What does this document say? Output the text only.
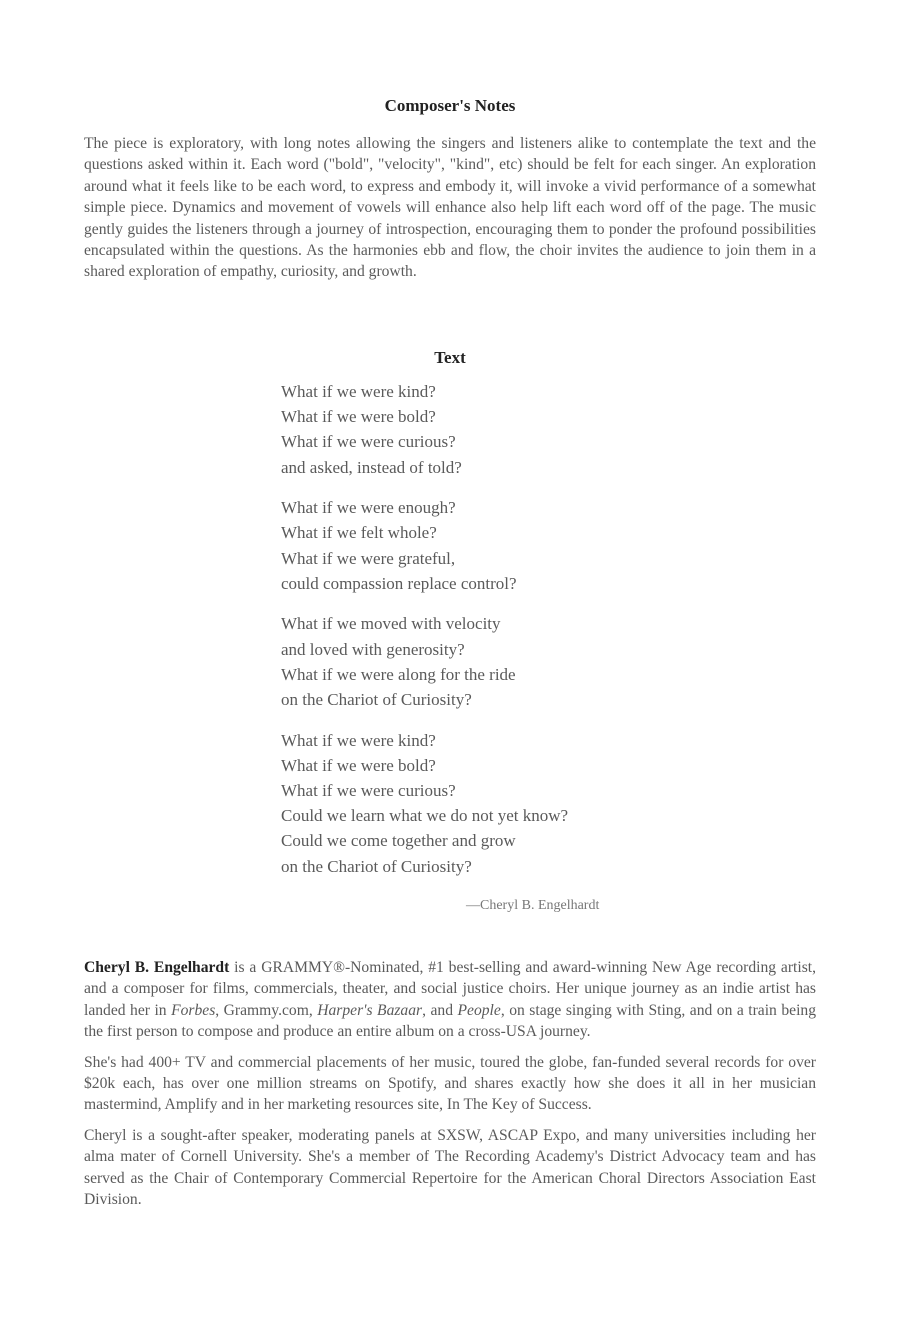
Composer's Notes

The piece is exploratory, with long notes allowing the singers and listeners alike to contemplate the text and the questions asked within it. Each word ("bold", "velocity", "kind", etc) should be felt for each singer. An exploration around what it feels like to be each word, to express and embody it, will invoke a vivid performance of a somewhat simple piece. Dynamics and movement of vowels will enhance also help lift each word off of the page. The music gently guides the listeners through a journey of introspection, encouraging them to ponder the profound possibilities encapsulated within the questions. As the harmonies ebb and flow, the choir invites the audience to join them in a shared exploration of empathy, curiosity, and growth.

Text
What if we were kind?
What if we were bold?
What if we were curious?
and asked, instead of told?
What if we were enough?
What if we felt whole?
What if we were grateful,
could compassion replace control?
What if we moved with velocity
and loved with generosity?
What if we were along for the ride
on the Chariot of Curiosity?
What if we were kind?
What if we were bold?
What if we were curious?
Could we learn what we do not yet know?
Could we come together and grow
on the Chariot of Curiosity?
—Cheryl B. Engelhardt

Cheryl B. Engelhardt is a GRAMMY®-Nominated, #1 best-selling and award-winning New Age recording artist, and a composer for films, commercials, theater, and social justice choirs. Her unique journey as an indie artist has landed her in Forbes, Grammy.com, Harper's Bazaar, and People, on stage singing with Sting, and on a train being the first person to compose and produce an entire album on a cross-USA journey.

She's had 400+ TV and commercial placements of her music, toured the globe, fan-funded several records for over $20k each, has over one million streams on Spotify, and shares exactly how she does it all in her musician mastermind, Amplify and in her marketing resources site, In The Key of Success.

Cheryl is a sought-after speaker, moderating panels at SXSW, ASCAP Expo, and many universities including her alma mater of Cornell University. She's a member of The Recording Academy's District Advocacy team and has served as the Chair of Contemporary Commercial Repertoire for the American Choral Directors Association East Division.
